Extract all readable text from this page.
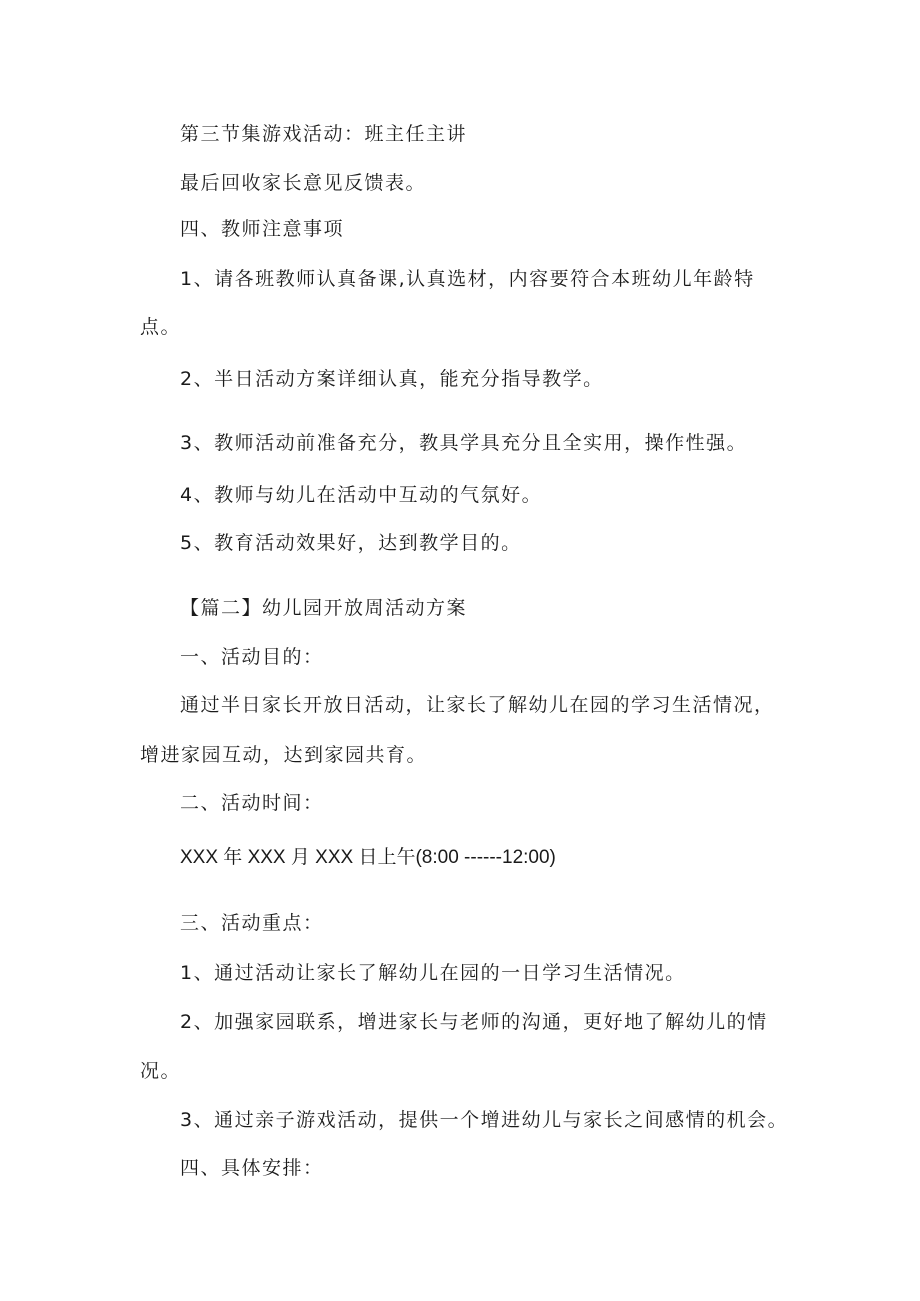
第三节集游戏活动：班主任主讲
最后回收家长意见反馈表。
四、教师注意事项
1、请各班教师认真备课,认真选材，内容要符合本班幼儿年龄特
点。
2、半日活动方案详细认真，能充分指导教学。
3、教师活动前准备充分，教具学具充分且全实用，操作性强。
4、教师与幼儿在活动中互动的气氛好。
5、教育活动效果好，达到教学目的。
【篇二】幼儿园开放周活动方案
一、活动目的：
通过半日家长开放日活动，让家长了解幼儿在园的学习生活情况，
增进家园互动，达到家园共育。
二、活动时间：
XXX 年 XXX 月 XXX 日上午(8:00 ------12:00)
三、活动重点：
1、通过活动让家长了解幼儿在园的一日学习生活情况。
2、加强家园联系，增进家长与老师的沟通，更好地了解幼儿的情
况。
3、通过亲子游戏活动，提供一个增进幼儿与家长之间感情的机会。
四、具体安排：
